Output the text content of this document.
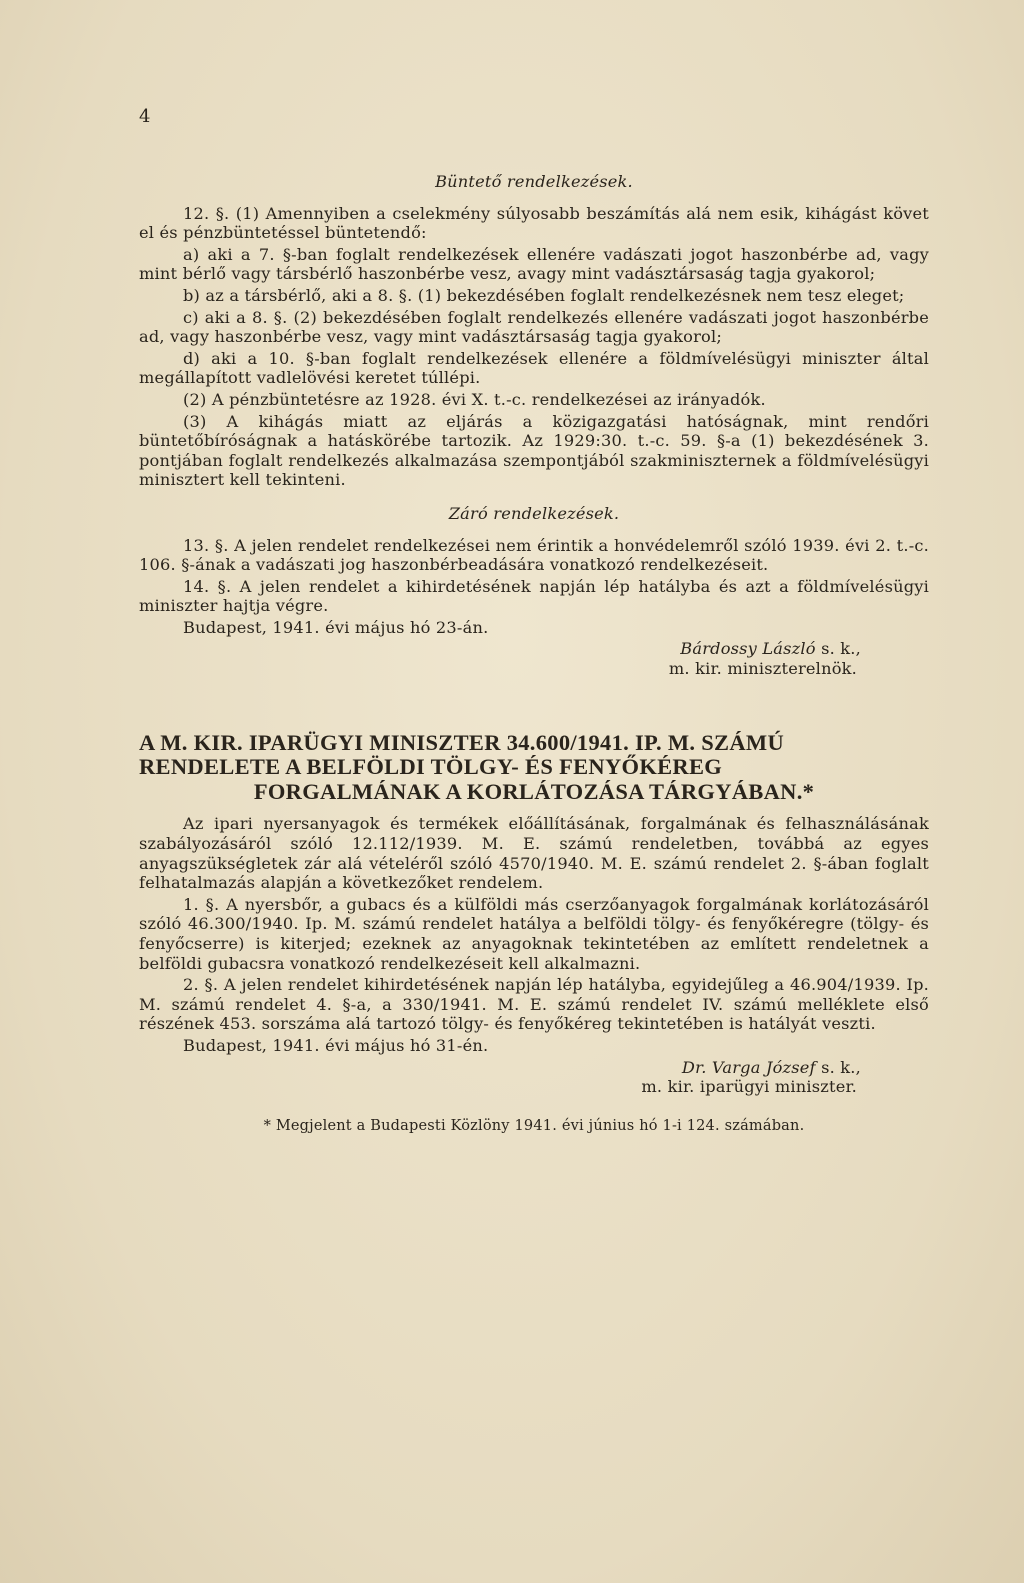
4
Büntető rendelkezések.

12. §. (1) Amennyiben a cselekmény súlyosabb beszámítás alá nem esik, kihágást követ el és pénzbüntetéssel büntetendő:

a) aki a 7. §-ban foglalt rendelkezések ellenére vadászati jogot haszonbérbe ad, vagy mint bérlő vagy társbérlő haszonbérbe vesz, avagy mint vadásztársaság tagja gyakorol;

b) az a társbérlő, aki a 8. §. (1) bekezdésében foglalt rendelkezésnek nem tesz eleget;

c) aki a 8. §. (2) bekezdésében foglalt rendelkezés ellenére vadászati jogot haszonbérbe ad, vagy haszonbérbe vesz, vagy mint vadásztársaság tagja gyakorol;

d) aki a 10. §-ban foglalt rendelkezések ellenére a földmívelésügyi miniszter által megállapított vadlelövési keretet túllépi.

(2) A pénzbüntetésre az 1928. évi X. t.-c. rendelkezései az irányadók.

(3) A kihágás miatt az eljárás a közigazgatási hatóságnak, mint rendőri büntetőbíróságnak a hatáskörébe tartozik. Az 1929:30. t.-c. 59. §-a (1) bekezdésének 3. pontjában foglalt rendelkezés alkalmazása szempontjából szakminiszternek a földmívelésügyi minisztert kell tekinteni.

Záró rendelkezések.

13. §. A jelen rendelet rendelkezései nem érintik a honvédelemről szóló 1939. évi 2. t.-c. 106. §-ának a vadászati jog haszonbérbeadására vonatkozó rendelkezéseit.

14. §. A jelen rendelet a kihirdetésének napján lép hatályba és azt a földmívelésügyi miniszter hajtja végre.

Budapest, 1941. évi május hó 23-án.

Bárdossy László s. k.,

m. kir. miniszterelnök.

A M. KIR. IPARÜGYI MINISZTER 34.600/1941. IP. M. SZÁMÚ
RENDELETE A BELFÖLDI TÖLGY- ÉS FENYŐKÉREG
FORGALMÁNAK A KORLÁTOZÁSA TÁRGYÁBAN.*

Az ipari nyersanyagok és termékek előállításának, forgalmának és felhasználásának szabályozásáról szóló 12.112/1939. M. E. számú rendeletben, továbbá az egyes anyagszükségletek zár alá vételéről szóló 4570/1940. M. E. számú rendelet 2. §-ában foglalt felhatalmazás alapján a következőket rendelem.

1. §. A nyersbőr, a gubacs és a külföldi más cserzőanyagok forgalmának korlátozásáról szóló 46.300/1940. Ip. M. számú rendelet hatálya a belföldi tölgy- és fenyőkéregre (tölgy- és fenyőcserre) is kiterjed; ezeknek az anyagoknak tekintetében az említett rendeletnek a belföldi gubacsra vonatkozó rendelkezéseit kell alkalmazni.

2. §. A jelen rendelet kihirdetésének napján lép hatályba, egyidejűleg a 46.904/1939. Ip. M. számú rendelet 4. §-a, a 330/1941. M. E. számú rendelet IV. számú melléklete első részének 453. sorszáma alá tartozó tölgy- és fenyőkéreg tekintetében is hatályát veszti.

Budapest, 1941. évi május hó 31-én.

Dr. Varga József s. k.,

m. kir. iparügyi miniszter.

* Megjelent a Budapesti Közlöny 1941. évi június hó 1-i 124. számában.
